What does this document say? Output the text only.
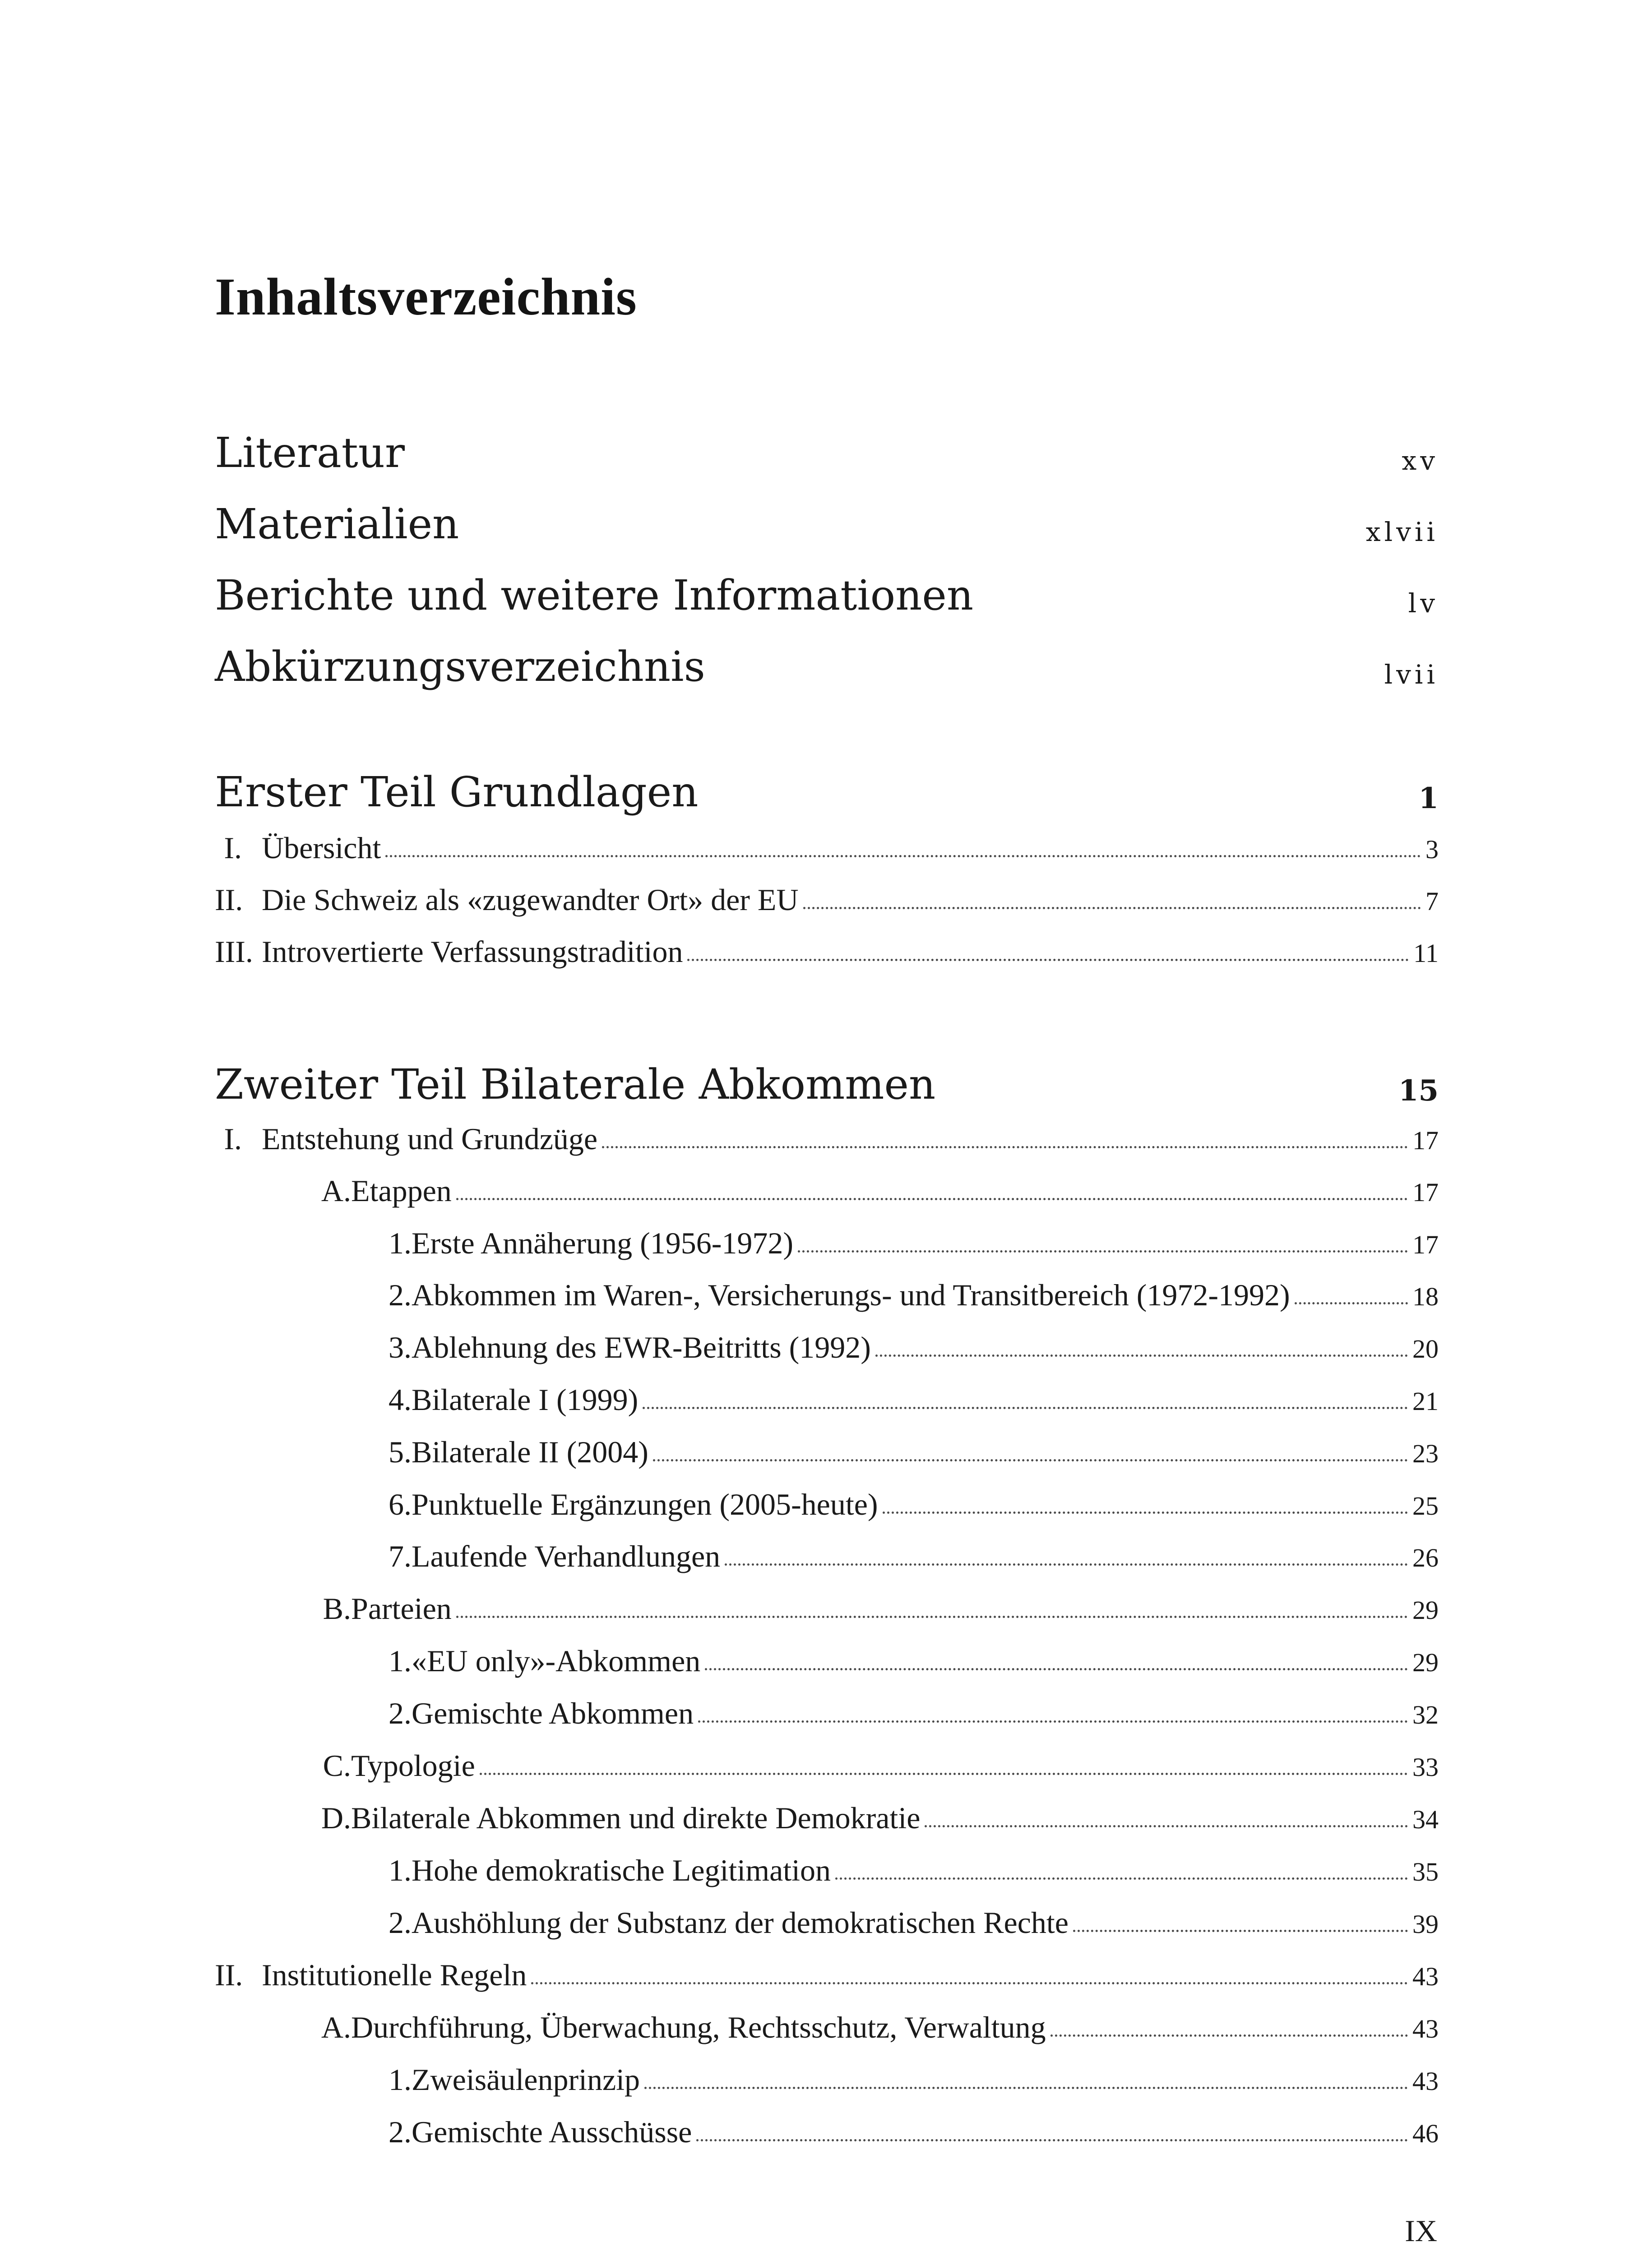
Inhaltsverzeichnis
Literatur	xv
Materialien	xlvii
Berichte und weitere Informationen	lv
Abkürzungsverzeichnis	lvii
Erster Teil Grundlagen	1
I. Übersicht	3
II. Die Schweiz als «zugewandter Ort» der EU	7
III. Introvertierte Verfassungstradition	11
Zweiter Teil Bilaterale Abkommen	15
I. Entstehung und Grundzüge	17
A. Etappen	17
1. Erste Annäherung (1956-1972)	17
2. Abkommen im Waren-, Versicherungs- und Transitbereich (1972-1992)	18
3. Ablehnung des EWR-Beitritts (1992)	20
4. Bilaterale I (1999)	21
5. Bilaterale II (2004)	23
6. Punktuelle Ergänzungen (2005-heute)	25
7. Laufende Verhandlungen	26
B. Parteien	29
1. «EU only»-Abkommen	29
2. Gemischte Abkommen	32
C. Typologie	33
D. Bilaterale Abkommen und direkte Demokratie	34
1. Hohe demokratische Legitimation	35
2. Aushöhlung der Substanz der demokratischen Rechte	39
II. Institutionelle Regeln	43
A. Durchführung, Überwachung, Rechtsschutz, Verwaltung	43
1. Zweisäulenprinzip	43
2. Gemischte Ausschüsse	46
IX
